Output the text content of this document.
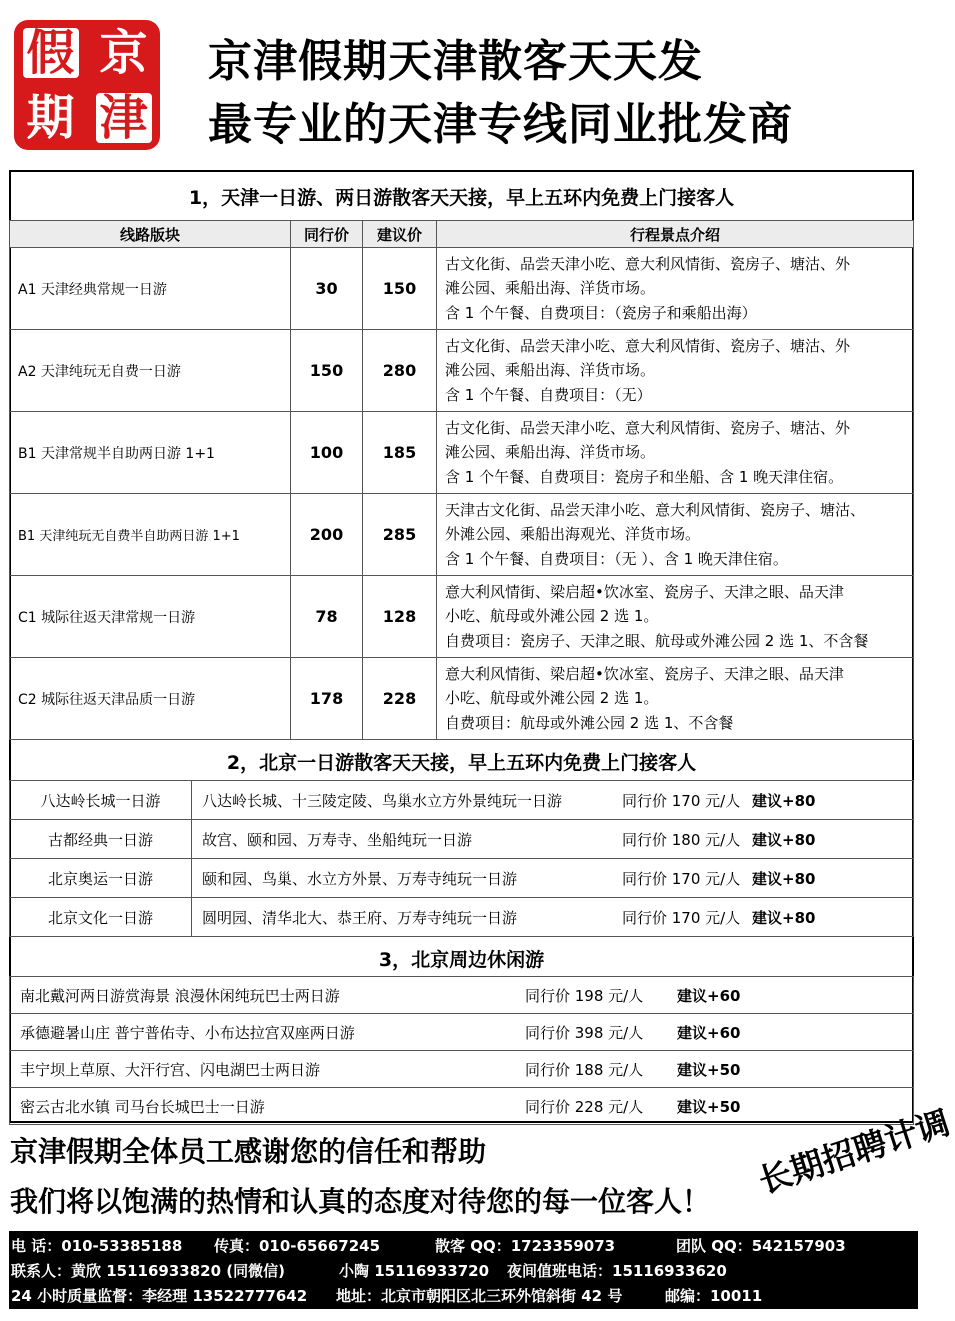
假 京
期 津
京津假期天津散客天天发
最专业的天津专线同业批发商
1，天津一日游、两日游散客天天接，早上五环内免费上门接客人
线路版块	同行价	建议价	行程景点介绍
A1 天津经典常规一日游	30	150	古文化街、品尝天津小吃、意大利风情街、瓷房子、塘沽、外
滩公园、乘船出海、洋货市场。
含 1 个午餐、自费项目：（瓷房子和乘船出海）

A2 天津纯玩无自费一日游	150	280	古文化街、品尝天津小吃、意大利风情街、瓷房子、塘沽、外
滩公园、乘船出海、洋货市场。
含 1 个午餐、自费项目：（无）

B1 天津常规半自助两日游 1+1	100	185	古文化街、品尝天津小吃、意大利风情街、瓷房子、塘沽、外
滩公园、乘船出海、洋货市场。
含 1 个午餐、自费项目：瓷房子和坐船、含 1 晚天津住宿。

B1 天津纯玩无自费半自助两日游 1+1	200	285	天津古文化街、品尝天津小吃、意大利风情街、瓷房子、塘沽、
外滩公园、乘船出海观光、洋货市场。
含 1 个午餐、自费项目：（无 ）、含 1 晚天津住宿。

C1 城际往返天津常规一日游	78	128	意大利风情街、梁启超•饮冰室、瓷房子、天津之眼、品天津
小吃、航母或外滩公园 2 选 1。
自费项目：瓷房子、天津之眼、航母或外滩公园 2 选 1、不含餐

C2 城际往返天津品质一日游	178	228	意大利风情街、梁启超•饮冰室、瓷房子、天津之眼、品天津
小吃、航母或外滩公园 2 选 1。
自费项目：航母或外滩公园 2 选 1、不含餐
2，北京一日游散客天天接，早上五环内免费上门接客人
八达岭长城一日游	八达岭长城、十三陵定陵、鸟巢水立方外景纯玩一日游 同行价 170 元/人 建议+80
古都经典一日游	故宫、颐和园、万寿寺、坐船纯玩一日游 同行价 180 元/人 建议+80
北京奥运一日游	颐和园、鸟巢、水立方外景、万寿寺纯玩一日游 同行价 170 元/人 建议+80
北京文化一日游	圆明园、清华北大、恭王府、万寿寺纯玩一日游 同行价 170 元/人 建议+80
3，北京周边休闲游
南北戴河两日游赏海景 浪漫休闲纯玩巴士两日游	同行价 198 元/人 建议+60
承德避暑山庄 普宁普佑寺、小布达拉宫双座两日游	同行价 398 元/人 建议+60
丰宁坝上草原、大汗行宫、闪电湖巴士两日游	同行价 188 元/人 建议+50
密云古北水镇 司马台长城巴士一日游	同行价 228 元/人 建议+50
京津假期全体员工感谢您的信任和帮助
我们将以饱满的热情和认真的态度对待您的每一位客人！
长期招聘计调
电 话：010-53385188 传真：010-65667245	散客 QQ：1723359073	团队 QQ：542157903
联系人：黄欣 15116933820 (同微信)	小陶 15116933720 夜间值班电话：15116933620
24 小时质量监督：李经理 13522777642 地址：北京市朝阳区北三环外馆斜街 42 号	邮编：10011
